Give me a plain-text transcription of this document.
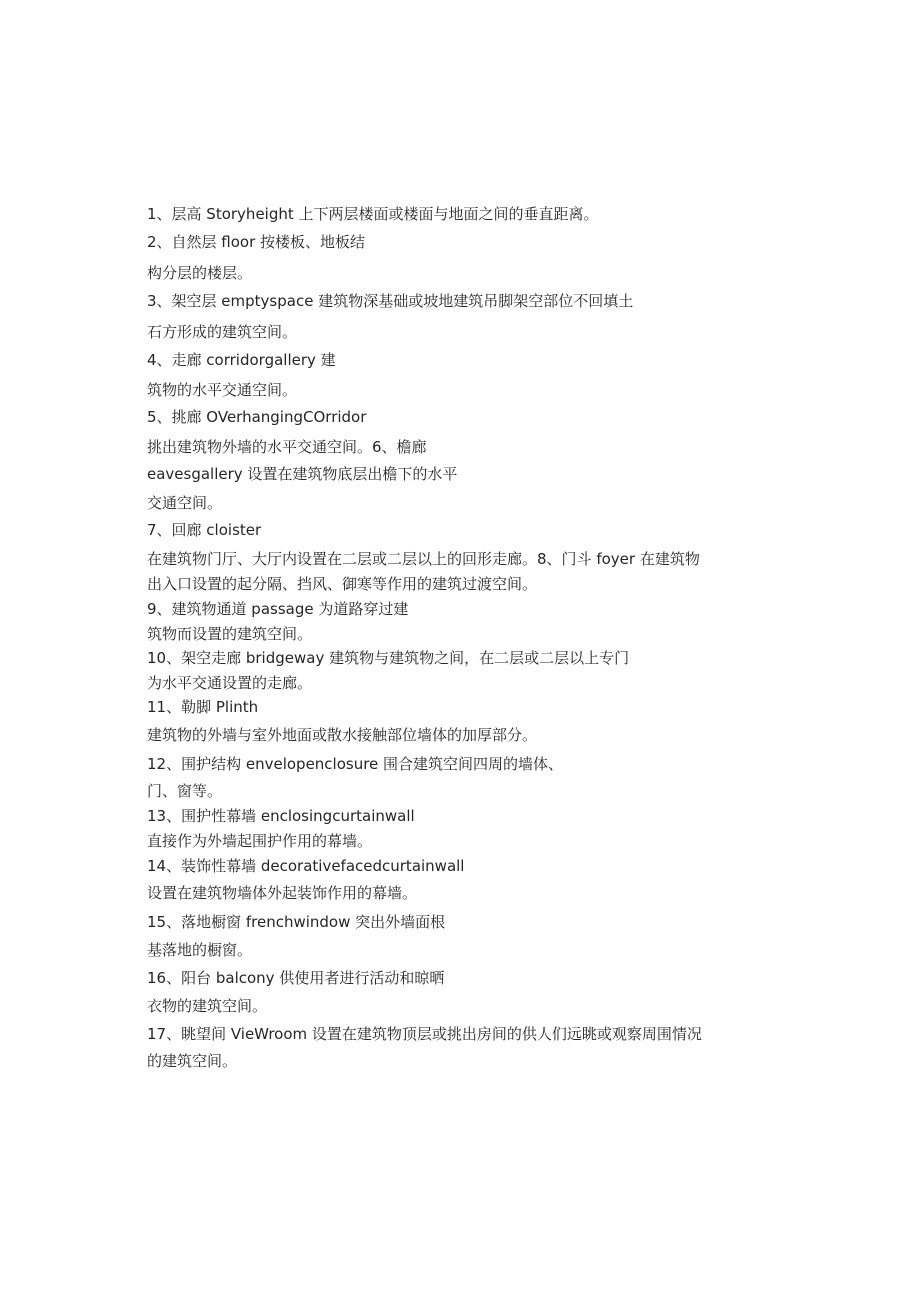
1、层高 Storyheight 上下两层楼面或楼面与地面之间的垂直距离。
2、自然层 floor 按楼板、地板结
构分层的楼层。
3、架空层 emptyspace 建筑物深基础或坡地建筑吊脚架空部位不回填土
石方形成的建筑空间。
4、走廊 corridorgallery 建
筑物的水平交通空间。
5、挑廊 OVerhangingCOrridor
挑出建筑物外墙的水平交通空间。6、檐廊
eavesgallery 设置在建筑物底层出檐下的水平
交通空间。
7、回廊 cloister
在建筑物门厅、大厅内设置在二层或二层以上的回形走廊。8、门斗 foyer 在建筑物
出入口设置的起分隔、挡风、御寒等作用的建筑过渡空间。
9、建筑物通道 passage 为道路穿过建
筑物而设置的建筑空间。
10、架空走廊 bridgeway 建筑物与建筑物之间，在二层或二层以上专门
为水平交通设置的走廊。
11、勒脚 Plinth
建筑物的外墙与室外地面或散水接触部位墙体的加厚部分。
12、围护结构 envelopenclosure 围合建筑空间四周的墙体、
门、窗等。
13、围护性幕墙 enclosingcurtainwall
直接作为外墙起围护作用的幕墙。
14、装饰性幕墙 decorativefacedcurtainwall
设置在建筑物墙体外起装饰作用的幕墙。
15、落地橱窗 frenchwindow 突出外墙面根
基落地的橱窗。
16、阳台 balcony 供使用者进行活动和晾晒
衣物的建筑空间。
17、眺望间 VieWroom 设置在建筑物顶层或挑出房间的供人们远眺或观察周围情况
的建筑空间。
